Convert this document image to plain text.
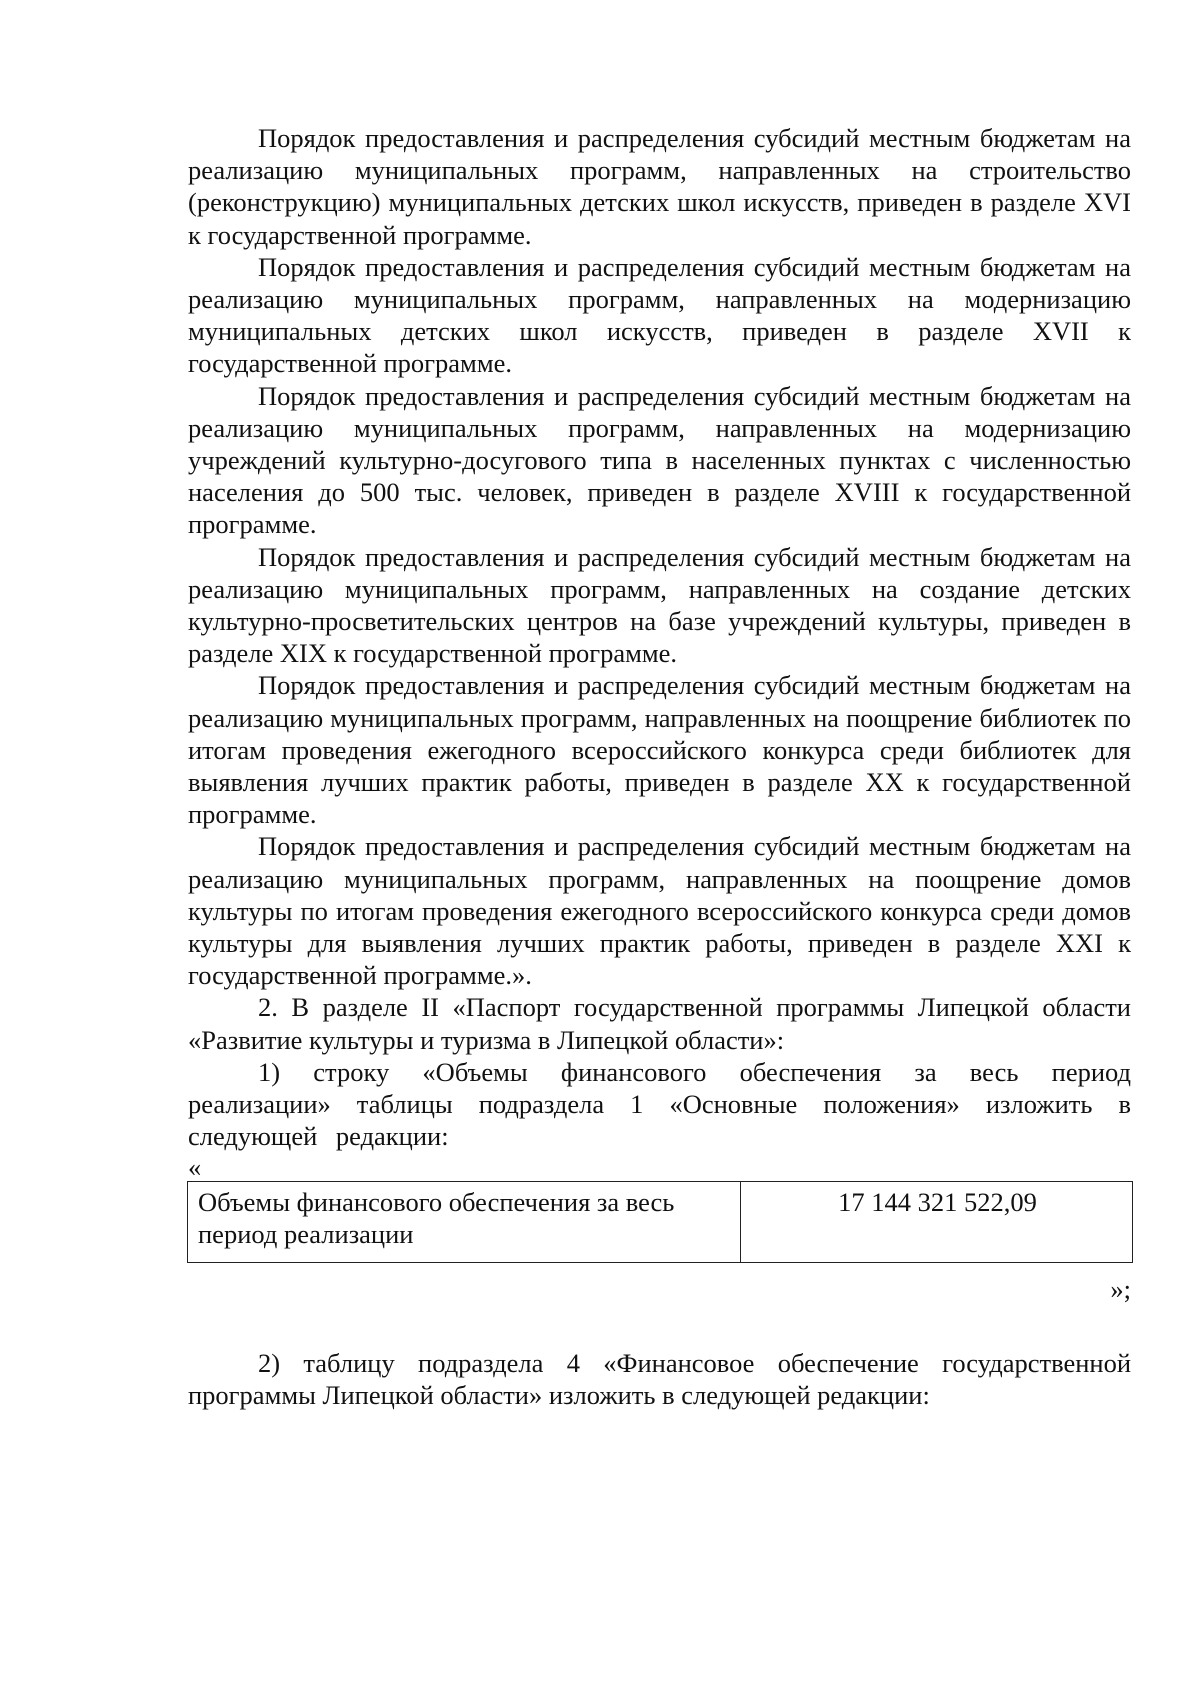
Порядок предоставления и распределения субсидий местным бюджетам на реализацию муниципальных программ, направленных на строительство (реконструкцию) муниципальных детских школ искусств, приведен в разделе XVI к государственной программе.

Порядок предоставления и распределения субсидий местным бюджетам на реализацию муниципальных программ, направленных на модернизацию муниципальных детских школ искусств, приведен в разделе XVII к государственной программе.

Порядок предоставления и распределения субсидий местным бюджетам на реализацию муниципальных программ, направленных на модернизацию учреждений культурно-досугового типа в населенных пунктах с численностью населения до 500 тыс. человек, приведен в разделе XVIII к государственной программе.

Порядок предоставления и распределения субсидий местным бюджетам на реализацию муниципальных программ, направленных на создание детских культурно-просветительских центров на базе учреждений культуры, приведен в разделе XIX к государственной программе.

Порядок предоставления и распределения субсидий местным бюджетам на реализацию муниципальных программ, направленных на поощрение библиотек по итогам проведения ежегодного всероссийского конкурса среди библиотек для выявления лучших практик работы, приведен в разделе XX к государственной программе.

Порядок предоставления и распределения субсидий местным бюджетам на реализацию муниципальных программ, направленных на поощрение домов культуры по итогам проведения ежегодного всероссийского конкурса среди домов культуры для выявления лучших практик работы, приведен в разделе XXI к государственной программе.».

2. В разделе II «Паспорт государственной программы Липецкой области «Развитие культуры и туризма в Липецкой области»:

1) строку «Объемы финансового обеспечения за весь период реализации» таблицы подраздела 1 «Основные положения» изложить в следующей редакции:

«

Объемы финансового обеспечения за весь период реализации	17 144 321 522,09

»;

2) таблицу подраздела 4 «Финансовое обеспечение государственной программы Липецкой области» изложить в следующей редакции:
